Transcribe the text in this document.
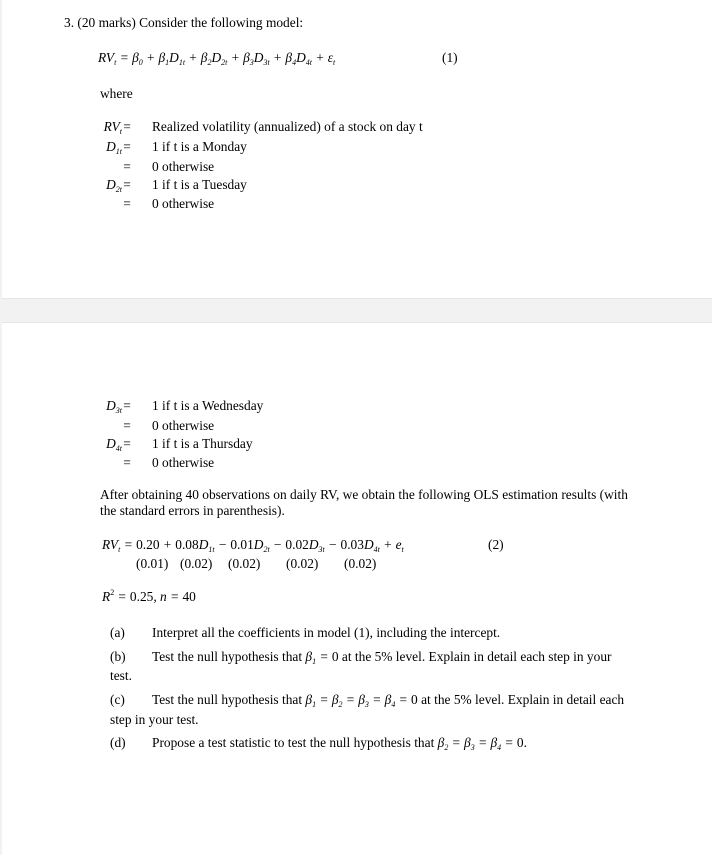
3. (20 marks) Consider the following model:
$RV_t = \beta_0 + \beta_1D_{1t} + \beta_2D_{2t} + \beta_3D_{3t} + \beta_4D_{4t} + \varepsilon_t$	(1)
where
$RV_t$ = Realized volatility (annualized) of a stock on day t
$D_{1t} = 1$ if t is a Monday
= 0 otherwise
$D_{2t} = 1$ if t is a Tuesday
= 0 otherwise
$D_{3t} = 1$ if t is a Wednesday
= 0 otherwise
$D_{4t} = 1$ if t is a Thursday
= 0 otherwise
After obtaining 40 observations on daily RV, we obtain the following OLS estimation results (with
the standard errors in parenthesis).
$RV_t = 0.20 + 0.08D_{1t} - 0.01D_{2t} - 0.02D_{3t} - 0.03D_{4t} + e_t$	(2)
(0.01) (0.02) (0.02) (0.02) (0.02)
$R^2 = 0.25$, n = 40
(a) Interpret all the coefficients in model (1), including the intercept.
(b) Test the null hypothesis that $\beta_1 = 0$ at the 5% level. Explain in detail each step in your
test.
(c) Test the null hypothesis that $\beta_1 = \beta_2 = \beta_3 = \beta_4 = 0$ at the 5% level. Explain in detail each
step in your test.
(d) Propose a test statistic to test the null hypothesis that $\beta_2 = \beta_3 = \beta_4 = 0$.
